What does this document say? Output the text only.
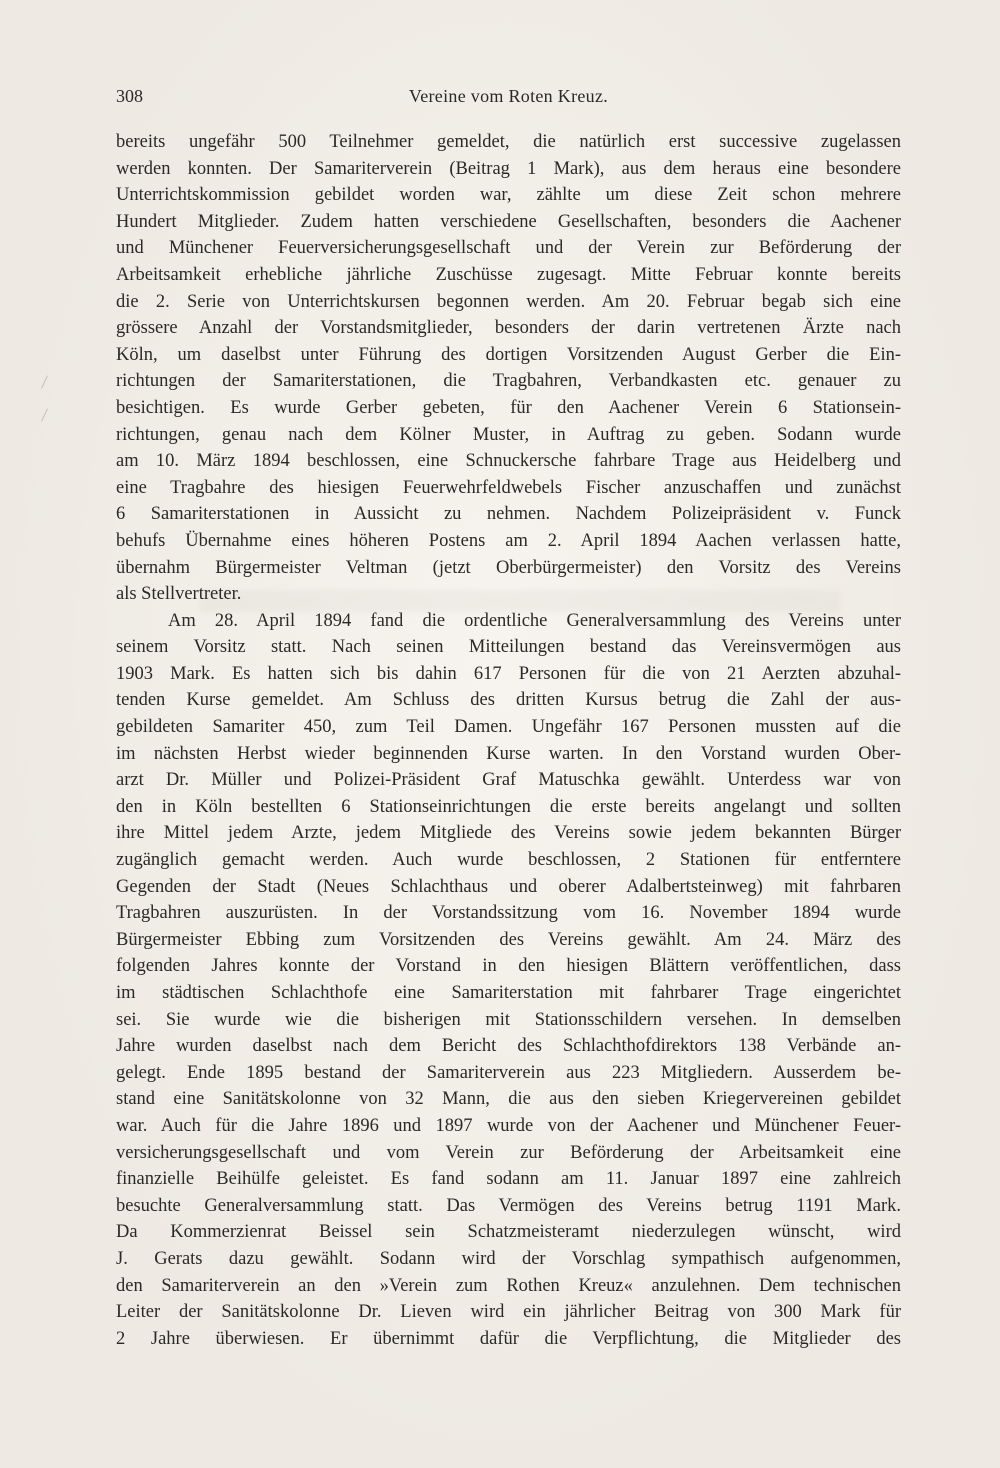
308	Vereine vom Roten Kreuz.
bereits ungefähr 500 Teilnehmer gemeldet, die natürlich erst successive zugelassen
werden konnten. Der Samariterverein (Beitrag 1 Mark), aus dem heraus eine besondere
Unterrichtskommission gebildet worden war, zählte um diese Zeit schon mehrere
Hundert Mitglieder. Zudem hatten verschiedene Gesellschaften, besonders die Aachener
und Münchener Feuerversicherungsgesellschaft und der Verein zur Beförderung der
Arbeitsamkeit erhebliche jährliche Zuschüsse zugesagt. Mitte Februar konnte bereits
die 2. Serie von Unterrichtskursen begonnen werden. Am 20. Februar begab sich eine
grössere Anzahl der Vorstandsmitglieder, besonders der darin vertretenen Ärzte nach
Köln, um daselbst unter Führung des dortigen Vorsitzenden August Gerber die Ein-
richtungen der Samariterstationen, die Tragbahren, Verbandkasten etc. genauer zu
besichtigen. Es wurde Gerber gebeten, für den Aachener Verein 6 Stationsein-
richtungen, genau nach dem Kölner Muster, in Auftrag zu geben. Sodann wurde
am 10. März 1894 beschlossen, eine Schnuckersche fahrbare Trage aus Heidelberg und
eine Tragbahre des hiesigen Feuerwehrfeldwebels Fischer anzuschaffen und zunächst
6 Samariterstationen in Aussicht zu nehmen. Nachdem Polizeipräsident v. Funck
behufs Übernahme eines höheren Postens am 2. April 1894 Aachen verlassen hatte,
übernahm Bürgermeister Veltman (jetzt Oberbürgermeister) den Vorsitz des Vereins
als Stellvertreter.
Am 28. April 1894 fand die ordentliche Generalversammlung des Vereins unter
seinem Vorsitz statt. Nach seinen Mitteilungen bestand das Vereinsvermögen aus
1903 Mark. Es hatten sich bis dahin 617 Personen für die von 21 Aerzten abzuhal-
tenden Kurse gemeldet. Am Schluss des dritten Kursus betrug die Zahl der aus-
gebildeten Samariter 450, zum Teil Damen. Ungefähr 167 Personen mussten auf die
im nächsten Herbst wieder beginnenden Kurse warten. In den Vorstand wurden Ober-
arzt Dr. Müller und Polizei-Präsident Graf Matuschka gewählt. Unterdess war von
den in Köln bestellten 6 Stationseinrichtungen die erste bereits angelangt und sollten
ihre Mittel jedem Arzte, jedem Mitgliede des Vereins sowie jedem bekannten Bürger
zugänglich gemacht werden. Auch wurde beschlossen, 2 Stationen für entferntere
Gegenden der Stadt (Neues Schlachthaus und oberer Adalbertsteinweg) mit fahrbaren
Tragbahren auszurüsten. In der Vorstandssitzung vom 16. November 1894 wurde
Bürgermeister Ebbing zum Vorsitzenden des Vereins gewählt. Am 24. März des
folgenden Jahres konnte der Vorstand in den hiesigen Blättern veröffentlichen, dass
im städtischen Schlachthofe eine Samariterstation mit fahrbarer Trage eingerichtet
sei. Sie wurde wie die bisherigen mit Stationsschildern versehen. In demselben
Jahre wurden daselbst nach dem Bericht des Schlachthofdirektors 138 Verbände an-
gelegt. Ende 1895 bestand der Samariterverein aus 223 Mitgliedern. Ausserdem be-
stand eine Sanitätskolonne von 32 Mann, die aus den sieben Kriegervereinen gebildet
war. Auch für die Jahre 1896 und 1897 wurde von der Aachener und Münchener Feuer-
versicherungsgesellschaft und vom Verein zur Beförderung der Arbeitsamkeit eine
finanzielle Beihülfe geleistet. Es fand sodann am 11. Januar 1897 eine zahlreich
besuchte Generalversammlung statt. Das Vermögen des Vereins betrug 1191 Mark.
Da Kommerzienrat Beissel sein Schatzmeisteramt niederzulegen wünscht, wird
J. Gerats dazu gewählt. Sodann wird der Vorschlag sympathisch aufgenommen,
den Samariterverein an den »Verein zum Rothen Kreuz« anzulehnen. Dem technischen
Leiter der Sanitätskolonne Dr. Lieven wird ein jährlicher Beitrag von 300 Mark für
2 Jahre überwiesen. Er übernimmt dafür die Verpflichtung, die Mitglieder des
